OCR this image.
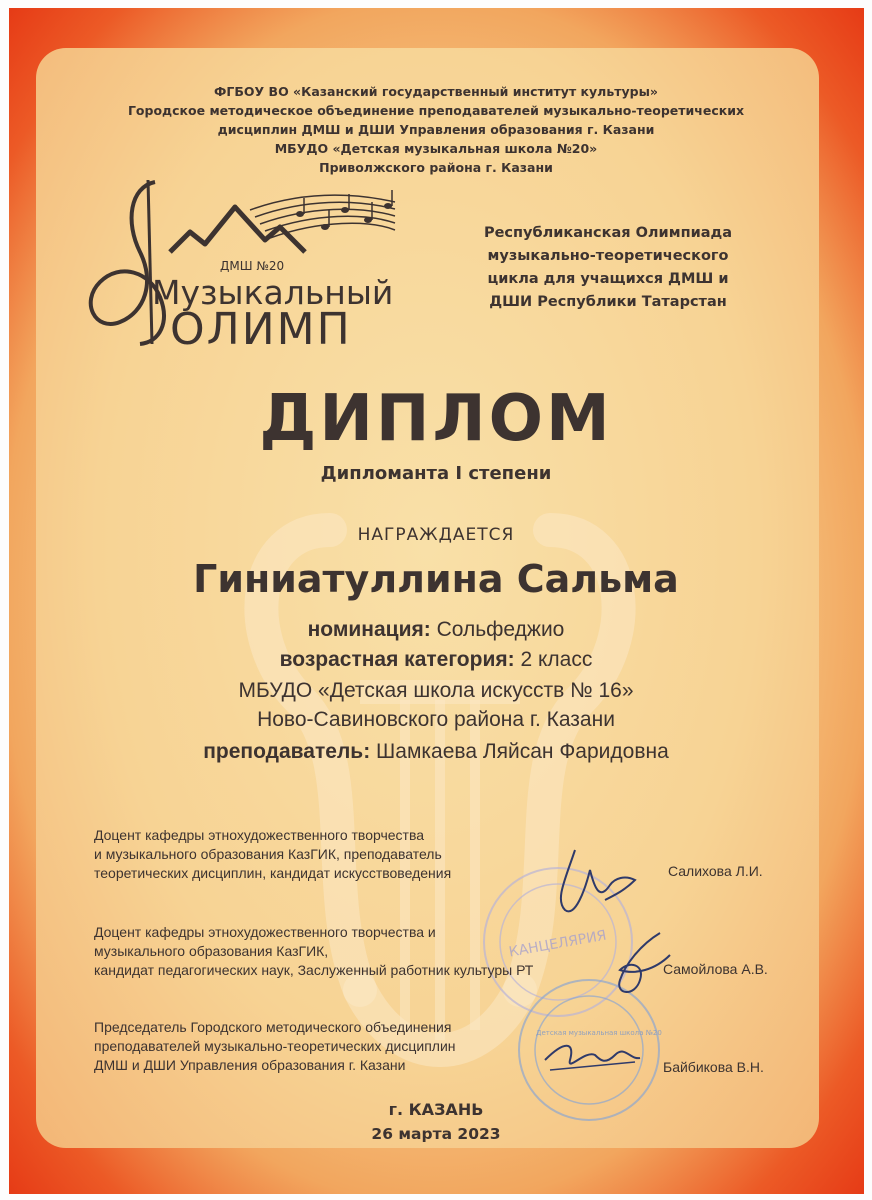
ФГБОУ ВО «Казанский государственный институт культуры»
Городское методическое объединение преподавателей музыкально-теоретических
дисциплин ДМШ и ДШИ Управления образования г. Казани
МБУДО «Детская музыкальная школа №20»
Приволжского района г. Казани
ДМШ №20
Музыкальный
ОЛИМП
Республиканская Олимпиада
музыкально-теоретического
цикла для учащихся ДМШ и
ДШИ Республики Татарстан
ДИПЛОМ
Дипломанта I степени
НАГРАЖДАЕТСЯ
Гиниатуллина Сальма
номинация: Сольфеджио
возрастная категория: 2 класс
МБУДО «Детская школа искусств № 16»
Ново-Савиновского района г. Казани
преподаватель: Шамкаева Ляйсан Фаридовна
КАНЦЕЛЯРИЯ
Детская музыкальная школа №20
Доцент кафедры этнохудожественного творчества
и музыкального образования КазГИК, преподаватель
теоретических дисциплин, кандидат искусствоведения	Салихова Л.И.
Доцент кафедры этнохудожественного творчества и
музыкального образования КазГИК,
кандидат педагогических наук, Заслуженный работник культуры РТ	Самойлова А.В.
Председатель Городского методического объединения
преподавателей музыкально-теоретических дисциплин
ДМШ и ДШИ Управления образования г. Казани	Байбикова В.Н.
г. КАЗАНЬ
26 марта 2023
